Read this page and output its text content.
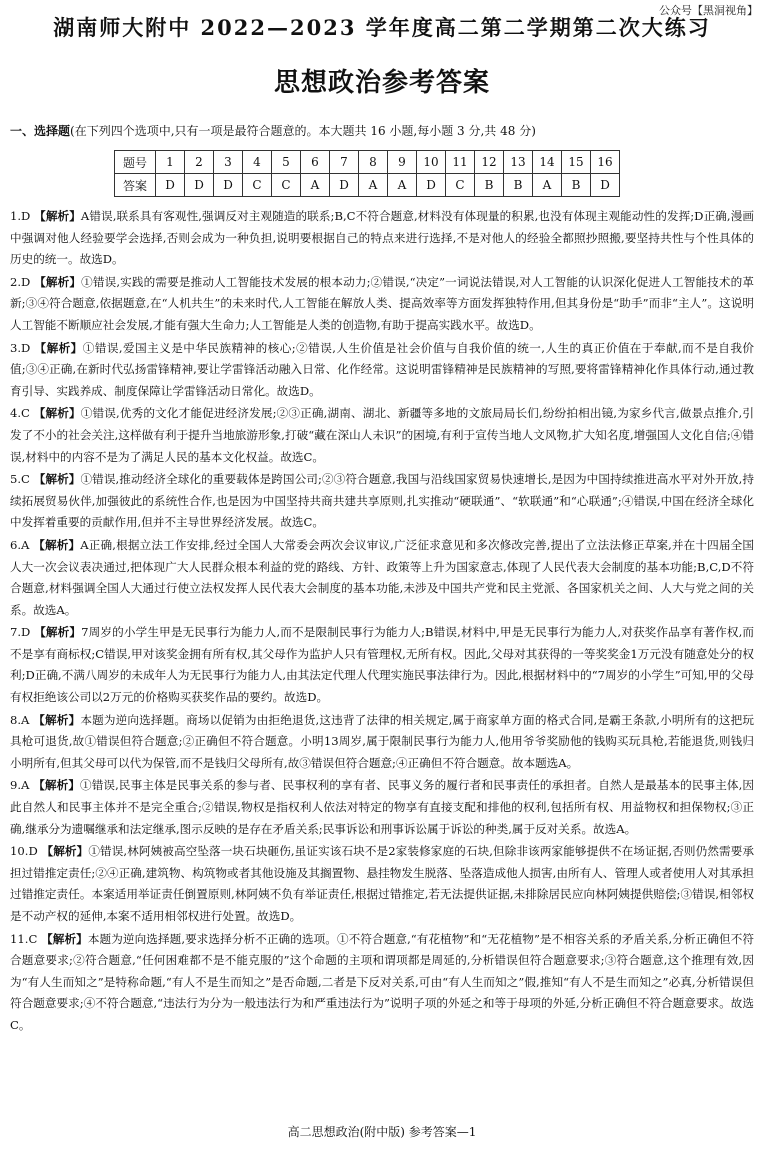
公众号【黑洞视角】
湖南师大附中 2022—2023 学年度高二第二学期第二次大练习
思想政治参考答案
一、选择题(在下列四个选项中,只有一项是最符合题意的。本大题共 16 小题,每小题 3 分,共 48 分)
题号	1	2	3	4	5	6	7	8	9	10	11	12	13	14	15	16
答案	D	D	D	C	C	A	D	A	A	D	C	B	B	A	B	D
1.D 【解析】A错误,联系具有客观性,强调反对主观随造的联系;B,C不符合题意,材料没有体现量的积累,也没有体现主观能动性的发挥;D正确,漫画中强调对他人经验要学会选择,否则会成为一种负担,说明要根据自己的特点来进行选择,不是对他人的经验全都照抄照搬,要坚持共性与个性具体的历史的统一。故选D。
2.D 【解析】①错误,实践的需要是推动人工智能技术发展的根本动力;②错误,“决定”一词说法错误,对人工智能的认识深化促进人工智能技术的革新;③④符合题意,依据题意,在“人机共生”的未来时代,人工智能在解放人类、提高效率等方面发挥独特作用,但其身份是“助手”而非“主人”。这说明人工智能不断顺应社会发展,才能有强大生命力;人工智能是人类的创造物,有助于提高实践水平。故选D。
3.D 【解析】①错误,爱国主义是中华民族精神的核心;②错误,人生价值是社会价值与自我价值的统一,人生的真正价值在于奉献,而不是自我价值;③④正确,在新时代弘扬雷锋精神,要让学雷锋活动融入日常、化作经常。这说明雷锋精神是民族精神的写照,要将雷锋精神化作具体行动,通过教育引导、实践养成、制度保障让学雷锋活动日常化。故选D。
4.C 【解析】①错误,优秀的文化才能促进经济发展;②③正确,湖南、湖北、新疆等多地的文旅局局长们,纷纷拍相出镜,为家乡代言,做景点推介,引发了不小的社会关注,这样做有利于提升当地旅游形象,打破“藏在深山人未识”的困境,有利于宣传当地人文风物,扩大知名度,增强国人文化自信;④错误,材料中的内容不是为了满足人民的基本文化权益。故选C。
5.C 【解析】①错误,推动经济全球化的重要载体是跨国公司;②③符合题意,我国与沿线国家贸易快速增长,是因为中国持续推进高水平对外开放,持续拓展贸易伙伴,加强彼此的系统性合作,也是因为中国坚持共商共建共享原则,扎实推动“硬联通”、“软联通”和“心联通”;④错误,中国在经济全球化中发挥着重要的贡献作用,但并不主导世界经济发展。故选C。
6.A 【解析】A正确,根据立法工作安排,经过全国人大常委会两次会议审议,广泛征求意见和多次修改完善,提出了立法法修正草案,并在十四届全国人大一次会议表决通过,把体现广大人民群众根本利益的党的路线、方针、政策等上升为国家意志,体现了人民代表大会制度的基本功能;B,C,D不符合题意,材料强调全国人大通过行使立法权发挥人民代表大会制度的基本功能,未涉及中国共产党和民主党派、各国家机关之间、人大与党之间的关系。故选A。
7.D 【解析】7周岁的小学生甲是无民事行为能力人,而不是限制民事行为能力人;B错误,材料中,甲是无民事行为能力人,对获奖作品享有著作权,而不是享有商标权;C错误,甲对该奖金拥有所有权,其父母作为监护人只有管理权,无所有权。因此,父母对其获得的一等奖奖金1万元没有随意处分的权利;D正确,不满八周岁的未成年人为无民事行为能力人,由其法定代理人代理实施民事法律行为。因此,根据材料中的“7周岁的小学生”可知,甲的父母有权拒绝该公司以2万元的价格购买获奖作品的要约。故选D。
8.A 【解析】本题为逆向选择题。商场以促销为由拒绝退货,这违背了法律的相关规定,属于商家单方面的格式合同,是霸王条款,小明所有的这把玩具枪可退货,故①错误但符合题意;②正确但不符合题意。小明13周岁,属于限制民事行为能力人,他用爷爷奖励他的钱购买玩具枪,若能退货,则钱归小明所有,但其父母可以代为保管,而不是钱归父母所有,故③错误但符合题意;④正确但不符合题意。故本题选A。
9.A 【解析】①错误,民事主体是民事关系的参与者、民事权利的享有者、民事义务的履行者和民事责任的承担者。自然人是最基本的民事主体,因此自然人和民事主体并不是完全重合;②错误,物权是指权利人依法对特定的物享有直接支配和排他的权利,包括所有权、用益物权和担保物权;③正确,继承分为遗嘱继承和法定继承,图示反映的是存在矛盾关系;民事诉讼和刑事诉讼属于诉讼的种类,属于反对关系。故选A。
10.D 【解析】①错误,林阿姨被高空坠落一块石块砸伤,虽证实该石块不是2家装修家庭的石块,但除非该两家能够提供不在场证据,否则仍然需要承担过错推定责任;②④正确,建筑物、构筑物或者其他设施及其搁置物、悬挂物发生脱落、坠落造成他人损害,由所有人、管理人或者使用人对其承担过错推定责任。本案适用举证责任倒置原则,林阿姨不负有举证责任,根据过错推定,若无法提供证据,未排除居民应向林阿姨提供赔偿;③错误,相邻权是不动产权的延伸,本案不适用相邻权进行处置。故选D。
11.C 【解析】本题为逆向选择题,要求选择分析不正确的选项。①不符合题意,“有花植物”和“无花植物”是不相容关系的矛盾关系,分析正确但不符合题意要求;②符合题意,“任何困难都不是不能克服的”这个命题的主项和谓项都是周延的,分析错误但符合题意要求;③符合题意,这个推理有效,因为“有人生而知之”是特称命题,“有人不是生而知之”是否命题,二者是下反对关系,可由“有人生而知之”假,推知“有人不是生而知之”必真,分析错误但符合题意要求;④不符合题意,“违法行为分为一般违法行为和严重违法行为”说明子项的外延之和等于母项的外延,分析正确但不符合题意要求。故选C。
高二思想政治(附中版) 参考答案—1
